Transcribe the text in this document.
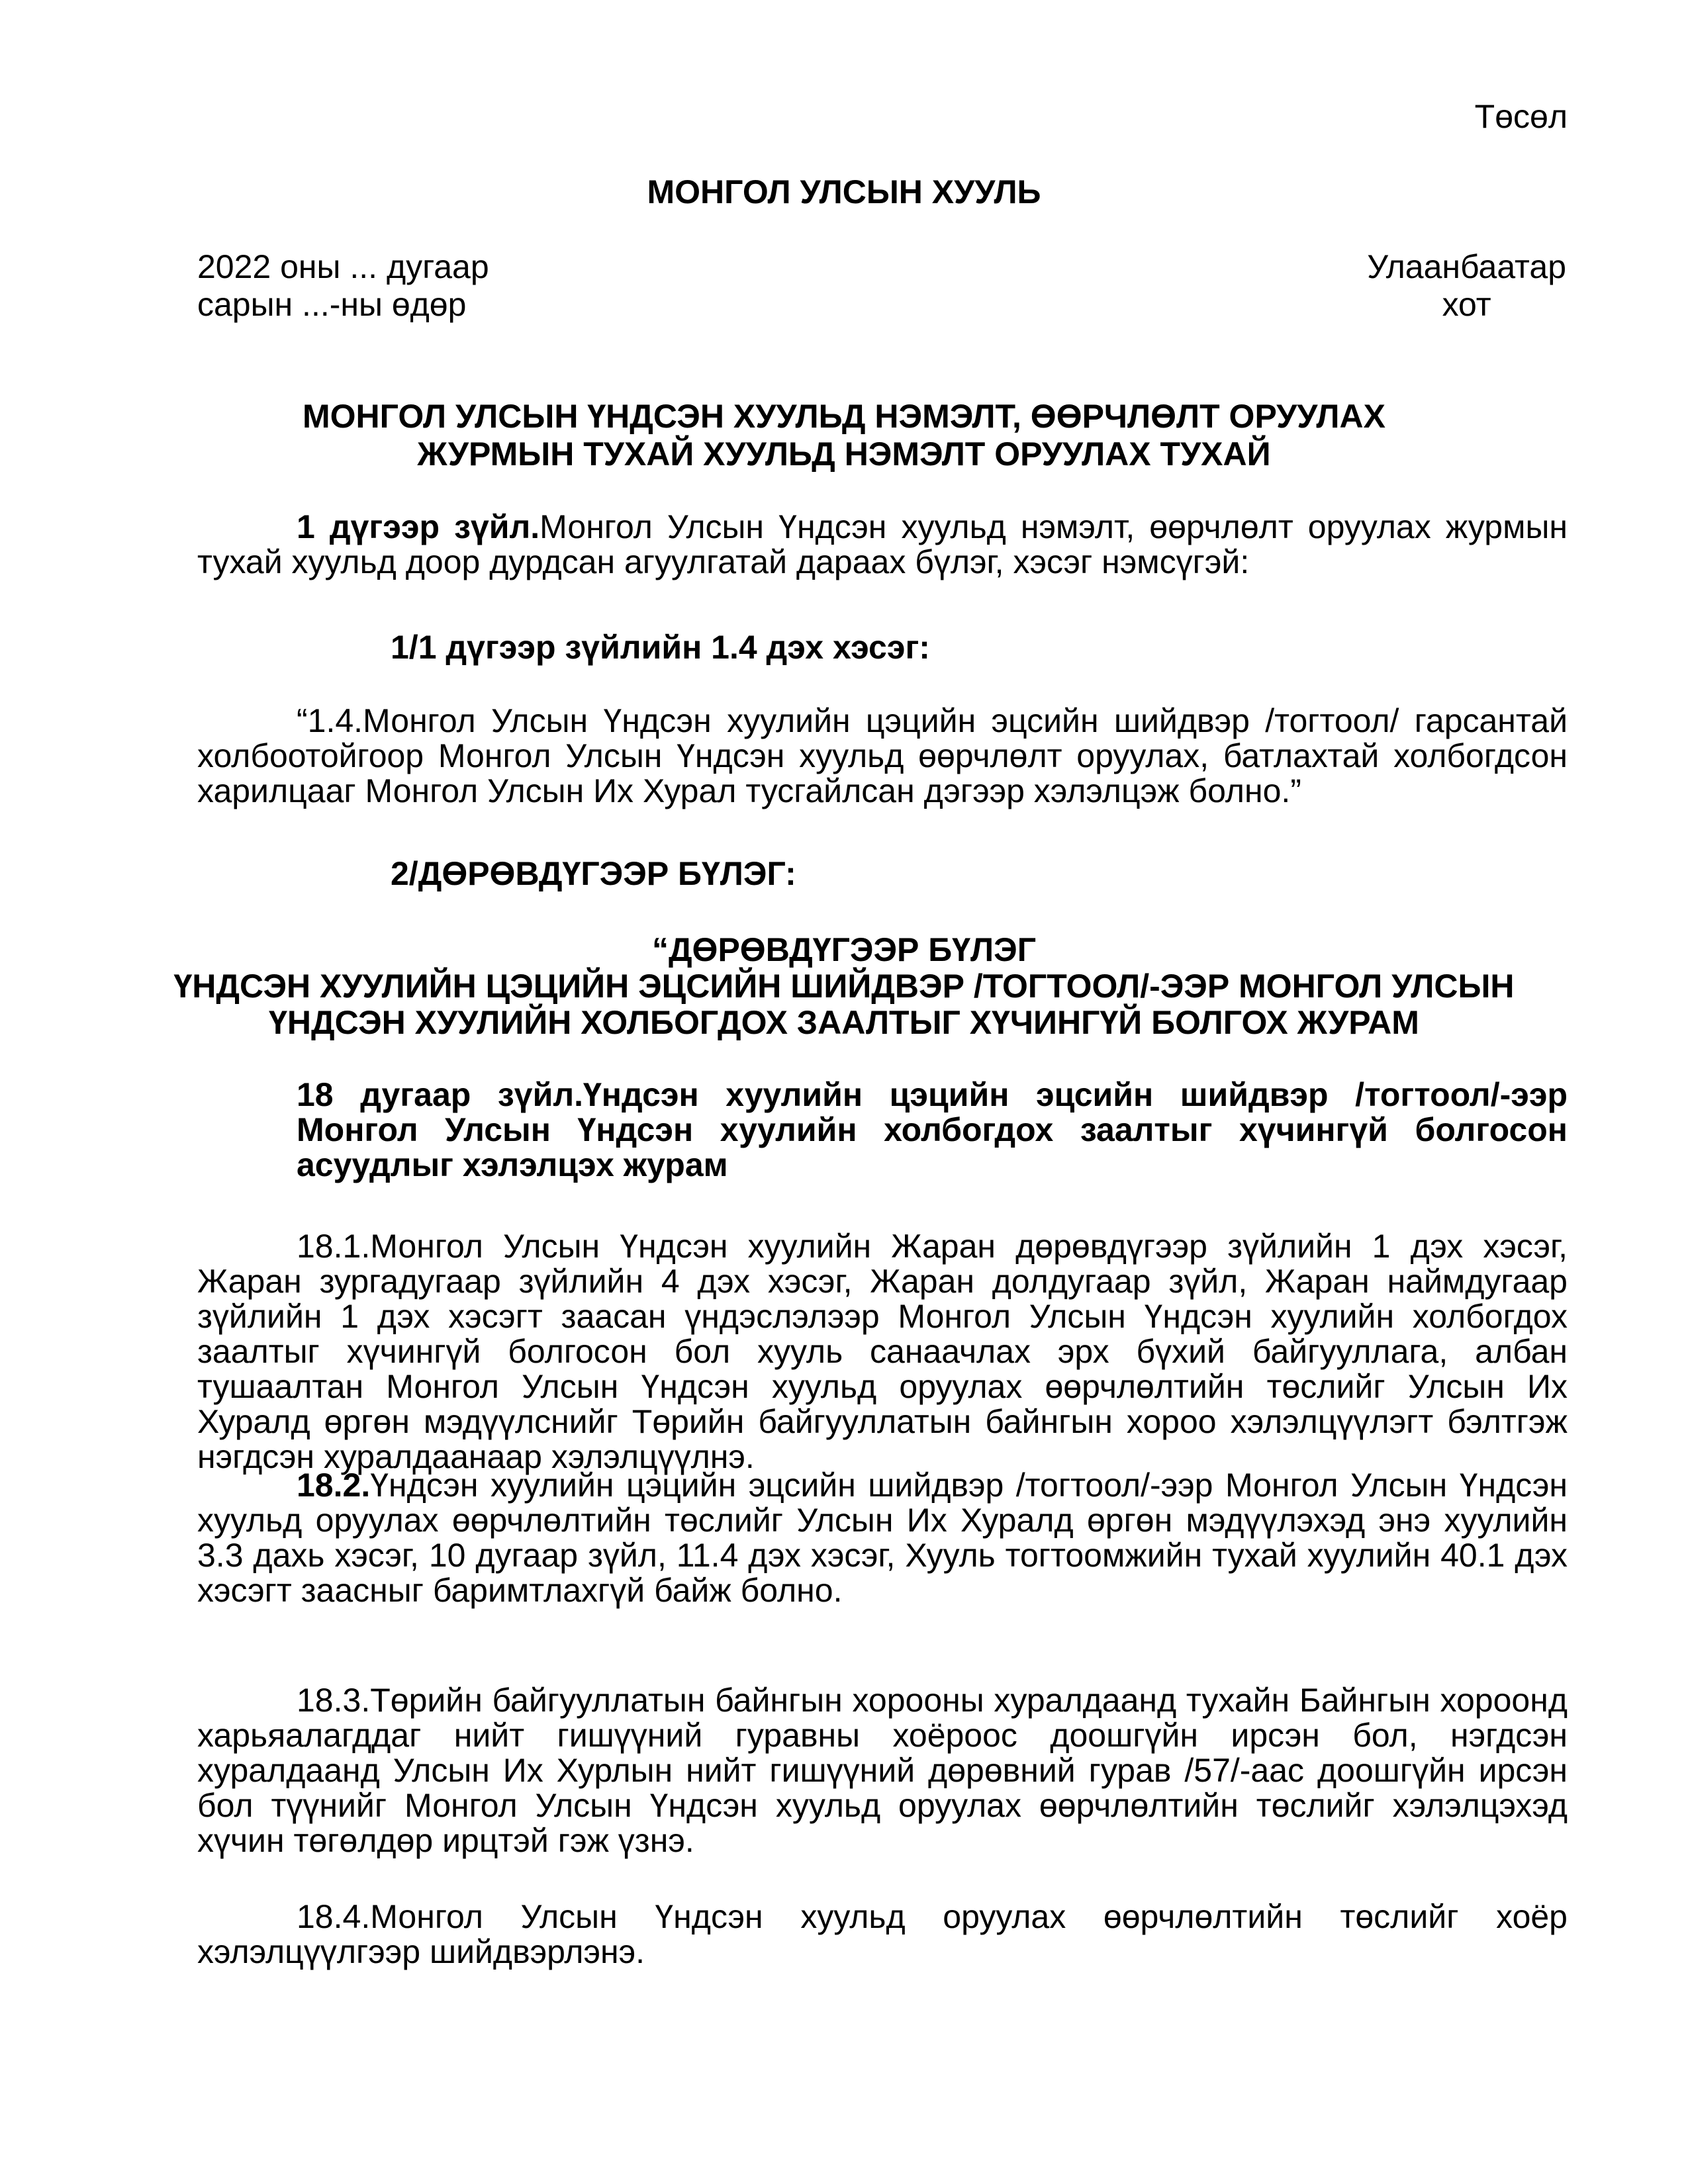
Төсөл
МОНГОЛ УЛСЫН ХУУЛЬ
2022 оны ... дугаар
сарын ...-ны өдөр
Улаанбаатар
хот
МОНГОЛ УЛСЫН ҮНДСЭН ХУУЛЬД НЭМЭЛТ, ӨӨРЧЛӨЛТ ОРУУЛАХ
ЖУРМЫН ТУХАЙ ХУУЛЬД НЭМЭЛТ ОРУУЛАХ ТУХАЙ
1 дүгээр зүйл.Монгол Улсын Үндсэн хуульд нэмэлт, өөрчлөлт оруулах журмын тухай хуульд доор дурдсан агуулгатай дараах бүлэг, хэсэг нэмсүгэй:
1/1 дүгээр зүйлийн 1.4 дэх хэсэг:
“1.4.Монгол Улсын Үндсэн хуулийн цэцийн эцсийн шийдвэр /тогтоол/ гарсантай холбоотойгоор Монгол Улсын Үндсэн хуульд өөрчлөлт оруулах, батлахтай холбогдсон харилцааг Монгол Улсын Их Хурал тусгайлсан дэгээр хэлэлцэж болно.”
2/ДӨРӨВДҮГЭЭР БҮЛЭГ:
“ДӨРӨВДҮГЭЭР БҮЛЭГ
ҮНДСЭН ХУУЛИЙН ЦЭЦИЙН ЭЦСИЙН ШИЙДВЭР /ТОГТООЛ/-ЭЭР МОНГОЛ УЛСЫН
ҮНДСЭН ХУУЛИЙН ХОЛБОГДОХ ЗААЛТЫГ ХҮЧИНГҮЙ БОЛГОХ ЖУРАМ
18 дугаар зүйл.Үндсэн хуулийн цэцийн эцсийн шийдвэр /тогтоол/-ээр Монгол Улсын Үндсэн хуулийн холбогдох заалтыг хүчингүй болгосон асуудлыг хэлэлцэх журам
18.1.Монгол Улсын Үндсэн хуулийн Жаран дөрөвдүгээр зүйлийн 1 дэх хэсэг, Жаран зургадугаар зүйлийн 4 дэх хэсэг, Жаран долдугаар зүйл, Жаран наймдугаар зүйлийн 1 дэх хэсэгт заасан үндэслэлээр Монгол Улсын Үндсэн хуулийн холбогдох заалтыг хүчингүй болгосон бол хууль санаачлах эрх бүхий байгууллага, албан тушаалтан Монгол Улсын Үндсэн хуульд оруулах өөрчлөлтийн төслийг Улсын Их Хуралд өргөн мэдүүлснийг Төрийн байгууллатын байнгын хороо хэлэлцүүлэгт бэлтгэж нэгдсэн хуралдаанаар хэлэлцүүлнэ.
18.2.Үндсэн хуулийн цэцийн эцсийн шийдвэр /тогтоол/-ээр Монгол Улсын Үндсэн хуульд оруулах өөрчлөлтийн төслийг Улсын Их Хуралд өргөн мэдүүлэхэд энэ хуулийн 3.3 дахь хэсэг, 10 дугаар зүйл, 11.4 дэх хэсэг, Хууль тогтоомжийн тухай хуулийн 40.1 дэх хэсэгт заасныг баримтлахгүй байж болно.
18.3.Төрийн байгууллатын байнгын хорооны хуралдаанд тухайн Байнгын хороонд харьяалагддаг нийт гишүүний гуравны хоёроос доошгүйн ирсэн бол, нэгдсэн хуралдаанд Улсын Их Хурлын нийт гишүүний дөрөвний гурав /57/-аас доошгүйн ирсэн бол түүнийг Монгол Улсын Үндсэн хуульд оруулах өөрчлөлтийн төслийг хэлэлцэхэд хүчин төгөлдөр ирцтэй гэж үзнэ.
18.4.Монгол Улсын Үндсэн хуульд оруулах өөрчлөлтийн төслийг хоёр хэлэлцүүлгээр шийдвэрлэнэ.
